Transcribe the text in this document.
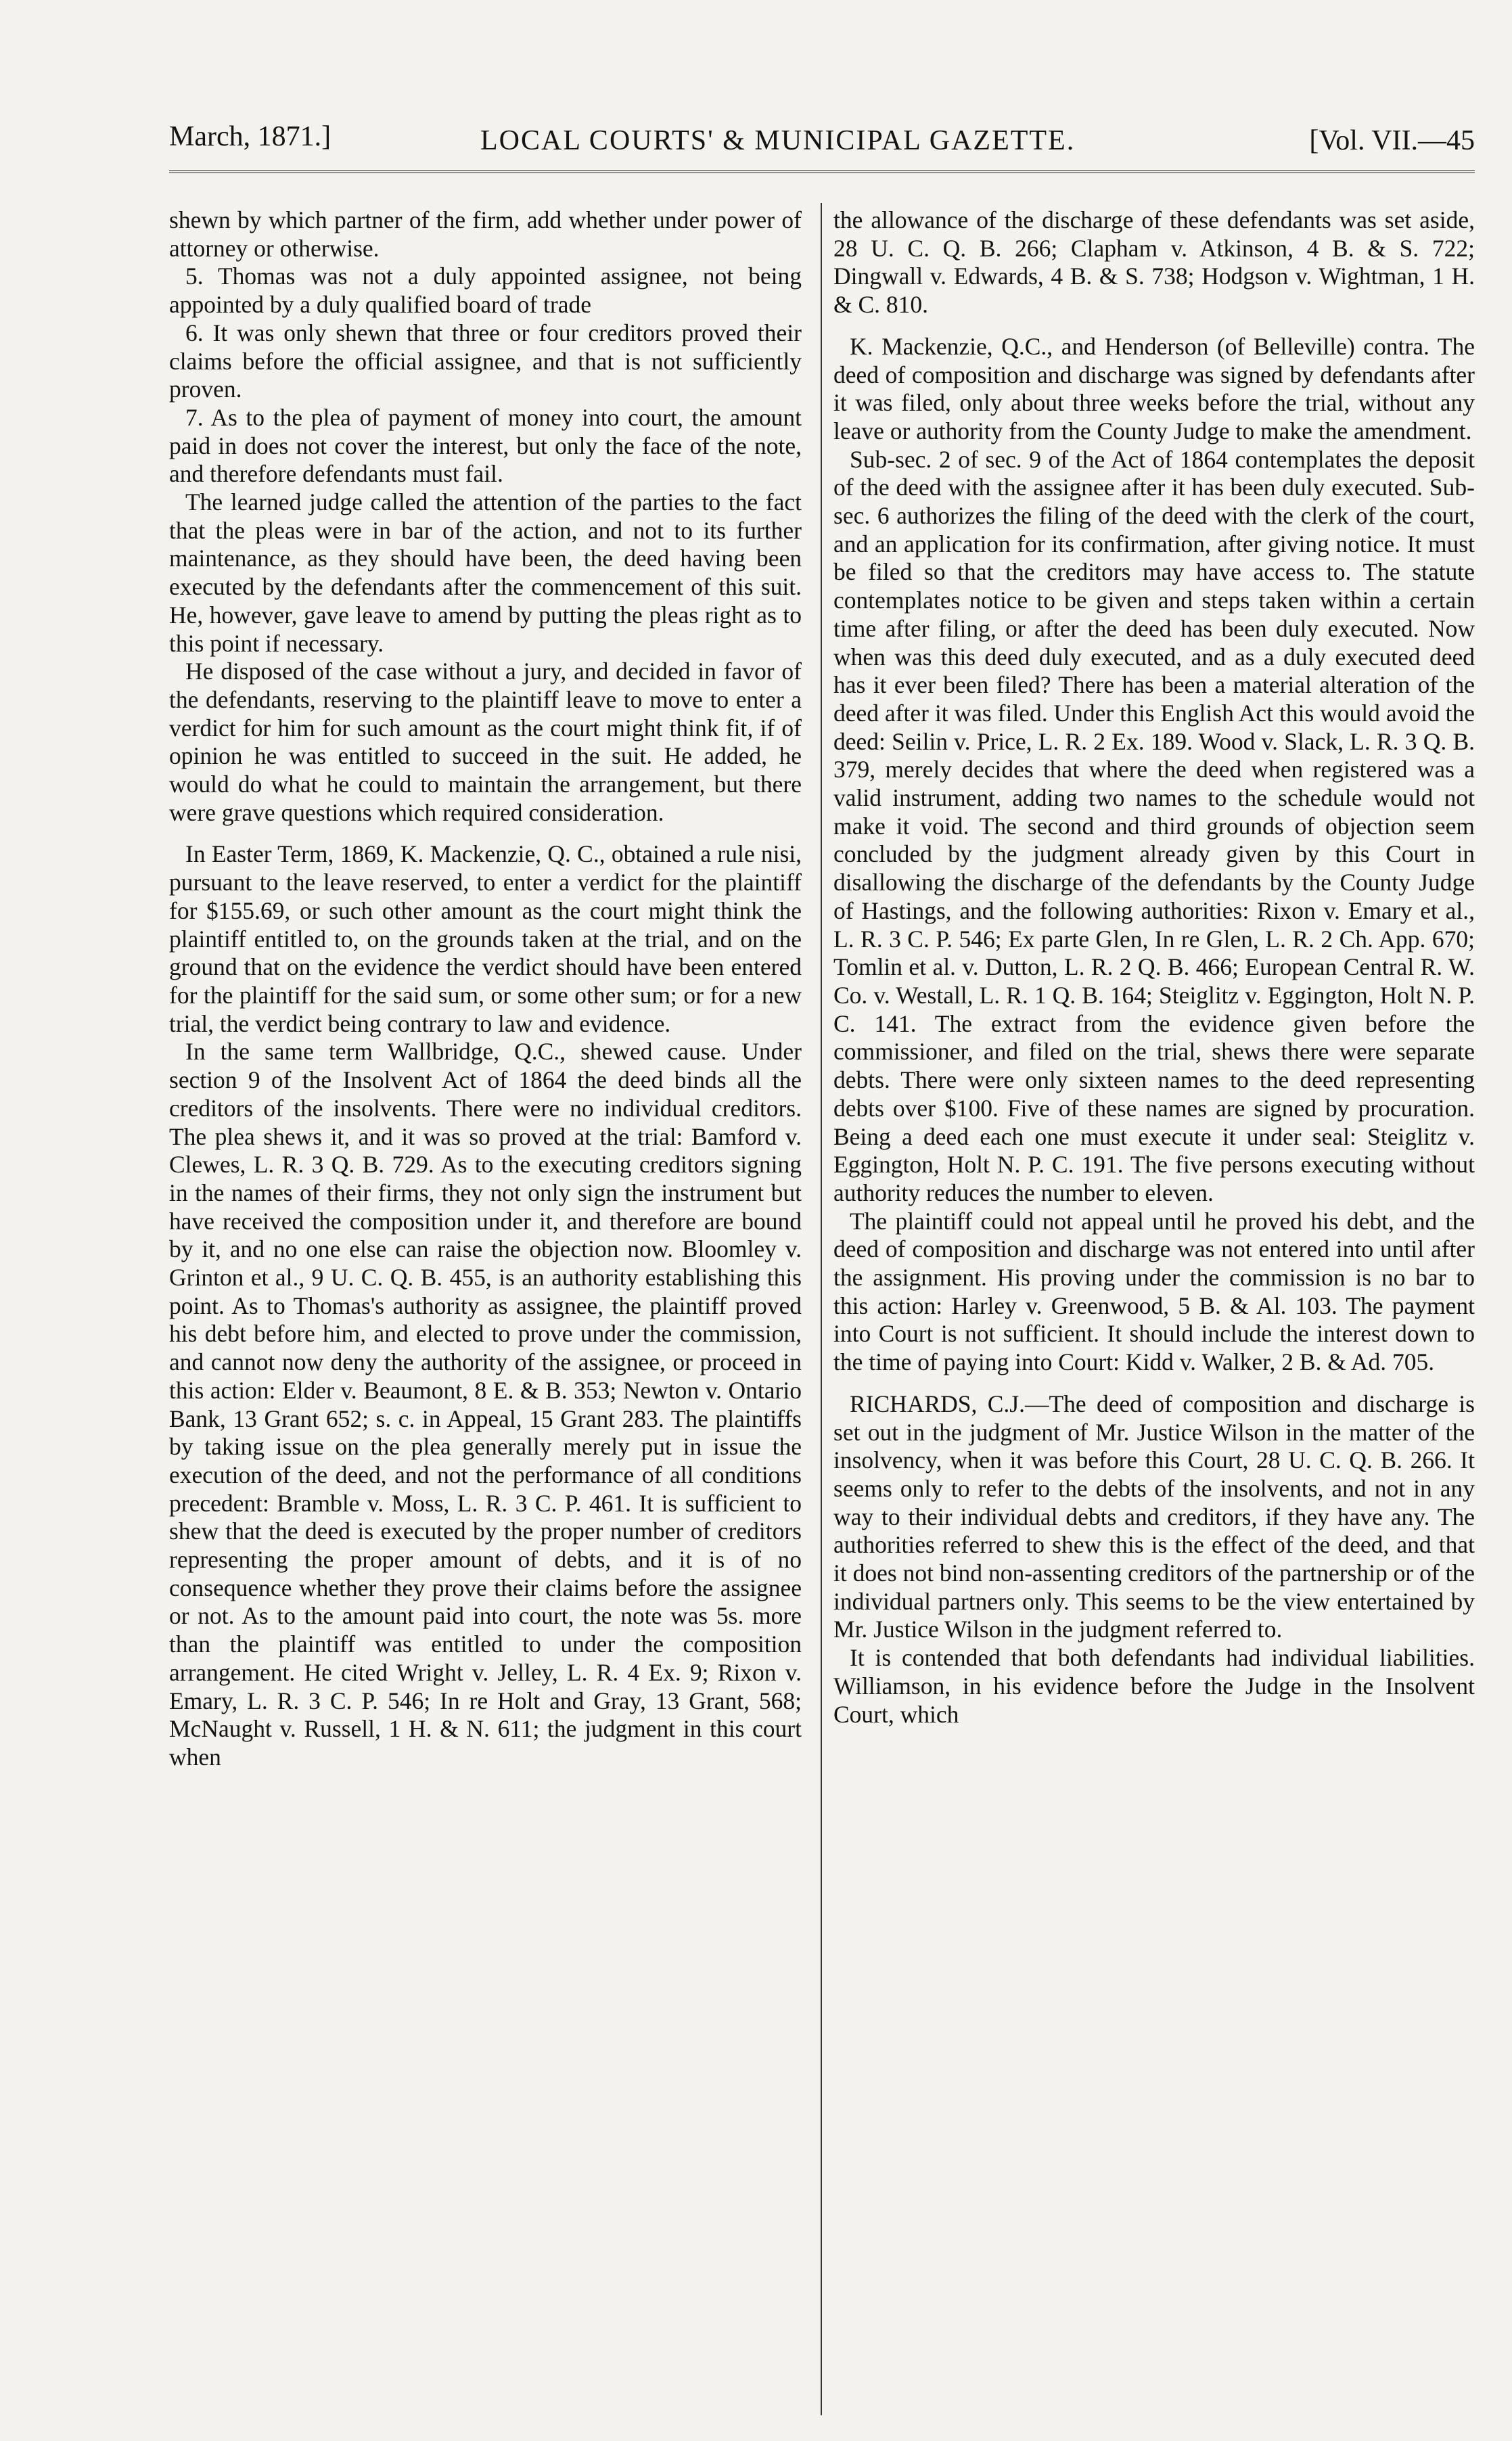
March, 1871.]	LOCAL COURTS' & MUNICIPAL GAZETTE.	[Vol. VII.—45

shewn by which partner of the firm, add whether under power of attorney or otherwise.

5. Thomas was not a duly appointed assignee, not being appointed by a duly qualified board of trade

6. It was only shewn that three or four creditors proved their claims before the official assignee, and that is not sufficiently proven.

7. As to the plea of payment of money into court, the amount paid in does not cover the interest, but only the face of the note, and therefore defendants must fail.

The learned judge called the attention of the parties to the fact that the pleas were in bar of the action, and not to its further maintenance, as they should have been, the deed having been executed by the defendants after the commencement of this suit. He, however, gave leave to amend by putting the pleas right as to this point if necessary.

He disposed of the case without a jury, and decided in favor of the defendants, reserving to the plaintiff leave to move to enter a verdict for him for such amount as the court might think fit, if of opinion he was entitled to succeed in the suit. He added, he would do what he could to maintain the arrangement, but there were grave questions which required consideration.

In Easter Term, 1869, K. Mackenzie, Q. C., obtained a rule nisi, pursuant to the leave reserved, to enter a verdict for the plaintiff for $155.69, or such other amount as the court might think the plaintiff entitled to, on the grounds taken at the trial, and on the ground that on the evidence the verdict should have been entered for the plaintiff for the said sum, or some other sum; or for a new trial, the verdict being contrary to law and evidence.

In the same term Wallbridge, Q.C., shewed cause. Under section 9 of the Insolvent Act of 1864 the deed binds all the creditors of the insolvents. There were no individual creditors. The plea shews it, and it was so proved at the trial: Bamford v. Clewes, L. R. 3 Q. B. 729. As to the executing creditors signing in the names of their firms, they not only sign the instrument but have received the composition under it, and therefore are bound by it, and no one else can raise the objection now. Bloomley v. Grinton et al., 9 U. C. Q. B. 455, is an authority establishing this point. As to Thomas's authority as assignee, the plaintiff proved his debt before him, and elected to prove under the commission, and cannot now deny the authority of the assignee, or proceed in this action: Elder v. Beaumont, 8 E. & B. 353; Newton v. Ontario Bank, 13 Grant 652; s. c. in Appeal, 15 Grant 283. The plaintiffs by taking issue on the plea generally merely put in issue the execution of the deed, and not the performance of all conditions precedent: Bramble v. Moss, L. R. 3 C. P. 461. It is sufficient to shew that the deed is executed by the proper number of creditors representing the proper amount of debts, and it is of no consequence whether they prove their claims before the assignee or not. As to the amount paid into court, the note was 5s. more than the plaintiff was entitled to under the composition arrangement. He cited Wright v. Jelley, L. R. 4 Ex. 9; Rixon v. Emary, L. R. 3 C. P. 546; In re Holt and Gray, 13 Grant, 568; McNaught v. Russell, 1 H. & N. 611; the judgment in this court when

the allowance of the discharge of these defendants was set aside, 28 U. C. Q. B. 266; Clapham v. Atkinson, 4 B. & S. 722; Dingwall v. Edwards, 4 B. & S. 738; Hodgson v. Wightman, 1 H. & C. 810.

K. Mackenzie, Q.C., and Henderson (of Belleville) contra. The deed of composition and discharge was signed by defendants after it was filed, only about three weeks before the trial, without any leave or authority from the County Judge to make the amendment.

Sub-sec. 2 of sec. 9 of the Act of 1864 contemplates the deposit of the deed with the assignee after it has been duly executed. Sub-sec. 6 authorizes the filing of the deed with the clerk of the court, and an application for its confirmation, after giving notice. It must be filed so that the creditors may have access to. The statute contemplates notice to be given and steps taken within a certain time after filing, or after the deed has been duly executed. Now when was this deed duly executed, and as a duly executed deed has it ever been filed? There has been a material alteration of the deed after it was filed. Under this English Act this would avoid the deed: Seilin v. Price, L. R. 2 Ex. 189. Wood v. Slack, L. R. 3 Q. B. 379, merely decides that where the deed when registered was a valid instrument, adding two names to the schedule would not make it void. The second and third grounds of objection seem concluded by the judgment already given by this Court in disallowing the discharge of the defendants by the County Judge of Hastings, and the following authorities: Rixon v. Emary et al., L. R. 3 C. P. 546; Ex parte Glen, In re Glen, L. R. 2 Ch. App. 670; Tomlin et al. v. Dutton, L. R. 2 Q. B. 466; European Central R. W. Co. v. Westall, L. R. 1 Q. B. 164; Steiglitz v. Eggington, Holt N. P. C. 141. The extract from the evidence given before the commissioner, and filed on the trial, shews there were separate debts. There were only sixteen names to the deed representing debts over $100. Five of these names are signed by procuration. Being a deed each one must execute it under seal: Steiglitz v. Eggington, Holt N. P. C. 191. The five persons executing without authority reduces the number to eleven.

The plaintiff could not appeal until he proved his debt, and the deed of composition and discharge was not entered into until after the assignment. His proving under the commission is no bar to this action: Harley v. Greenwood, 5 B. & Al. 103. The payment into Court is not sufficient. It should include the interest down to the time of paying into Court: Kidd v. Walker, 2 B. & Ad. 705.

RICHARDS, C.J.—The deed of composition and discharge is set out in the judgment of Mr. Justice Wilson in the matter of the insolvency, when it was before this Court, 28 U. C. Q. B. 266. It seems only to refer to the debts of the insolvents, and not in any way to their individual debts and creditors, if they have any. The authorities referred to shew this is the effect of the deed, and that it does not bind non-assenting creditors of the partnership or of the individual partners only. This seems to be the view entertained by Mr. Justice Wilson in the judgment referred to.

It is contended that both defendants had individual liabilities. Williamson, in his evidence before the Judge in the Insolvent Court, which
